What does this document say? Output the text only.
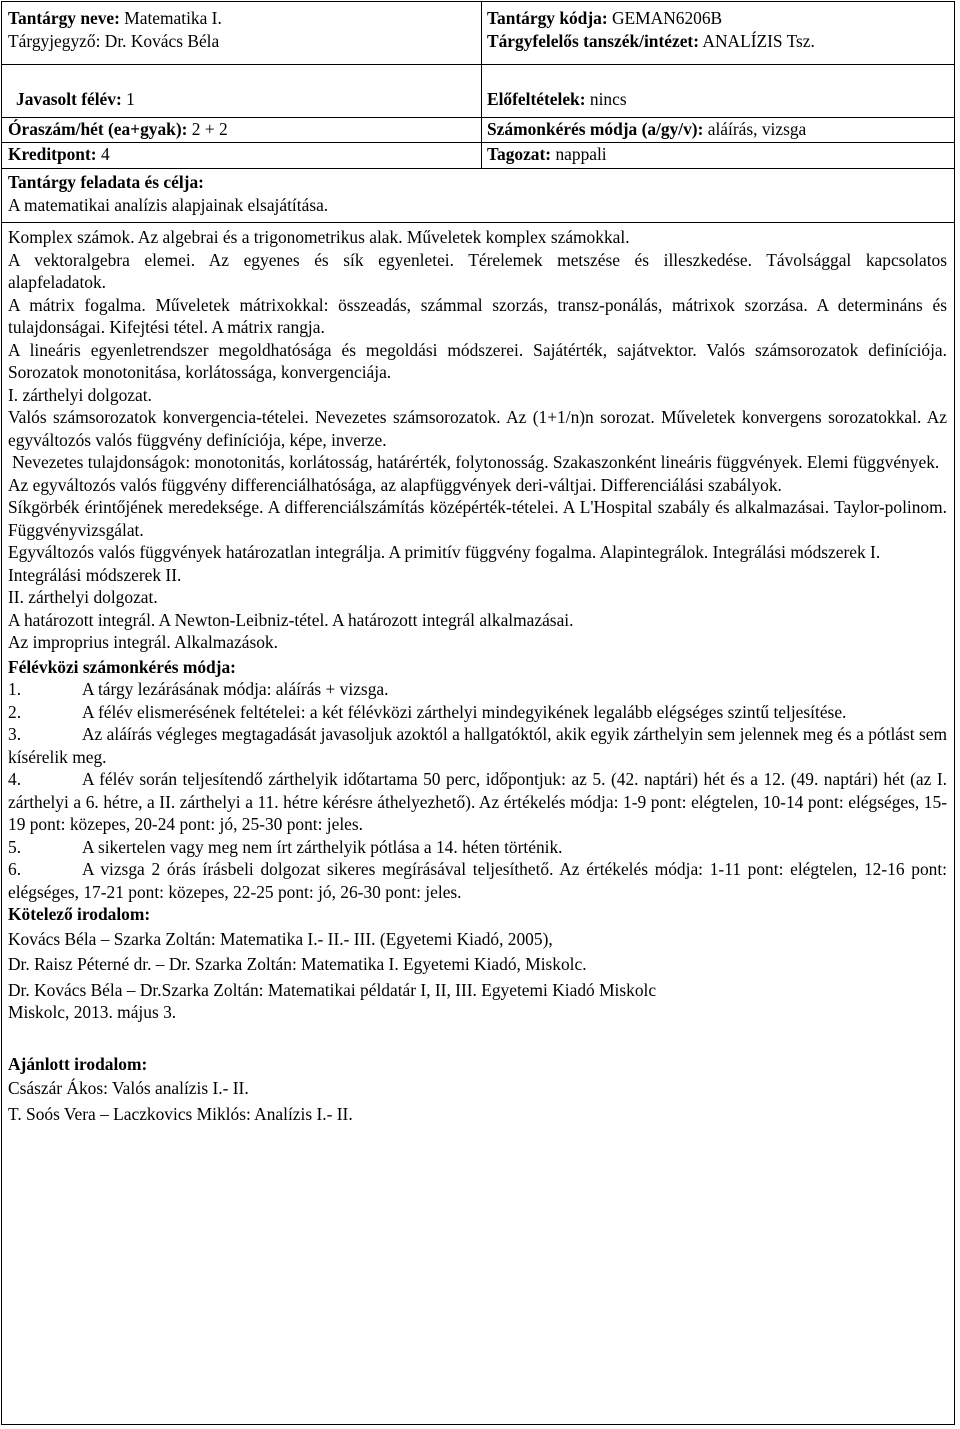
Tantárgy neve: Matematika I.
Tárgyjegyző: Dr. Kovács Béla
Tantárgy kódja: GEMAN6206B
Tárgyfelelős tanszék/intézet: ANALÍZIS Tsz.
Javasolt félév: 1	Előfeltételek: nincs
Óraszám/hét (ea+gyak): 2 + 2	Számonkérés módja (a/gy/v): aláírás, vizsga
Kreditpont: 4	Tagozat: nappali
Tantárgy feladata és célja:
A matematikai analízis alapjainak elsajátítása.
Komplex számok. Az algebrai és a trigonometrikus alak. Műveletek komplex számokkal.
A vektoralgebra elemei. Az egyenes és sík egyenletei. Térelemek metszése és illeszkedése. Távolsággal kapcsolatos alapfeladatok.
A mátrix fogalma. Műveletek mátrixokkal: összeadás, számmal szorzás, transz-ponálás, mátrixok szorzása. A determináns és tulajdonságai. Kifejtési tétel. A mátrix rangja.
A lineáris egyenletrendszer megoldhatósága és megoldási módszerei. Sajátérték, sajátvektor. Valós számsorozatok definíciója. Sorozatok monotonitása, korlátossága, konvergenciája.
I. zárthelyi dolgozat.
Valós számsorozatok konvergencia-tételei. Nevezetes számsorozatok. Az (1+1/n)n sorozat. Műveletek konvergens sorozatokkal. Az egyváltozós valós függvény definíciója, képe, inverze.
Nevezetes tulajdonságok: monotonitás, korlátosság, határérték, folytonosság. Szakaszonként lineáris függvények. Elemi függvények.
Az egyváltozós valós függvény differenciálhatósága, az alapfüggvények deri-váltjai. Differenciálási szabályok.
Síkgörbék érintőjének meredeksége. A differenciálszámítás középérték-tételei. A L'Hospital szabály és alkalmazásai. Taylor-polinom. Függvényvizsgálat.
Egyváltozós valós függvények határozatlan integrálja. A primitív függvény fogalma. Alapintegrálok. Integrálási módszerek I.
Integrálási módszerek II.
II. zárthelyi dolgozat.
A határozott integrál. A Newton-Leibniz-tétel. A határozott integrál alkalmazásai.
Az improprius integrál. Alkalmazások.
Félévközi számonkérés módja:
1.	A tárgy lezárásának módja: aláírás + vizsga.
2.	A félév elismerésének feltételei: a két félévközi zárthelyi mindegyikének legalább elégséges szintű teljesítése.
3.	Az aláírás végleges megtagadását javasoljuk azoktól a hallgatóktól, akik egyik zárthelyin sem jelennek meg és a pótlást sem kísérelik meg.
4.	A félév során teljesítendő zárthelyik időtartama 50 perc, időpontjuk: az 5. (42. naptári) hét és a 12. (49. naptári) hét (az I. zárthelyi a 6. hétre, a II. zárthelyi a 11. hétre kérésre áthelyezhető). Az értékelés módja: 1-9 pont: elégtelen, 10-14 pont: elégséges, 15-19 pont: közepes, 20-24 pont: jó, 25-30 pont: jeles.
5.	A sikertelen vagy meg nem írt zárthelyik pótlása a 14. héten történik.
6.	A vizsga 2 órás írásbeli dolgozat sikeres megírásával teljesíthető. Az értékelés módja: 1-11 pont: elégtelen, 12-16 pont: elégséges, 17-21 pont: közepes, 22-25 pont: jó, 26-30 pont: jeles.
Kötelező irodalom:
Kovács Béla – Szarka Zoltán: Matematika I.- II.- III. (Egyetemi Kiadó, 2005),
Dr. Raisz Péterné dr. – Dr. Szarka Zoltán: Matematika I. Egyetemi Kiadó, Miskolc.
Dr. Kovács Béla – Dr.Szarka Zoltán: Matematikai példatár I, II, III. Egyetemi Kiadó Miskolc
Miskolc, 2013. május 3.
Ajánlott irodalom:
Császár Ákos: Valós analízis I.- II.
T. Soós Vera – Laczkovics Miklós: Analízis I.- II.
